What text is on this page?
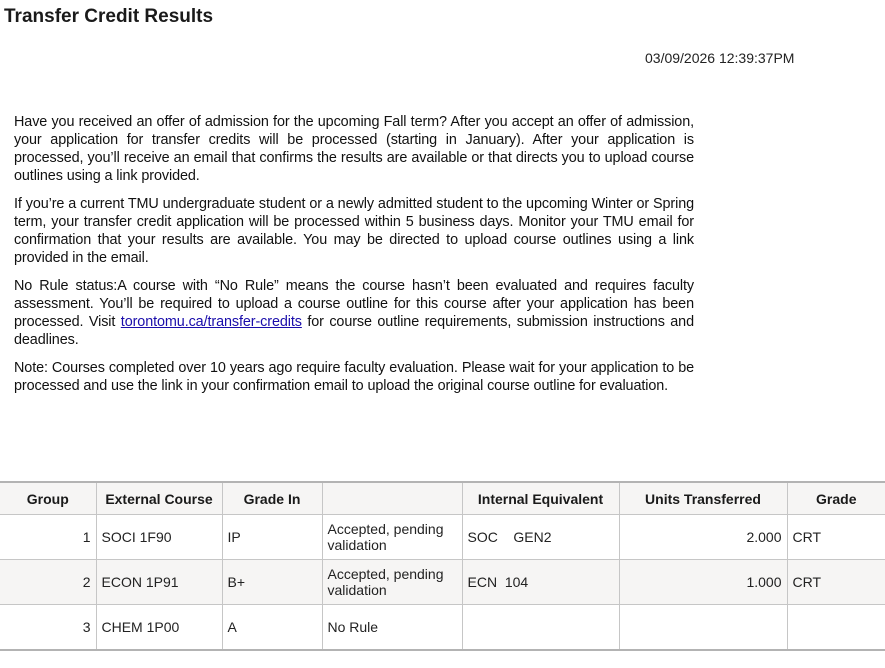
Transfer Credit Results
03/09/2026 12:39:37PM

Have you received an offer of admission for the upcoming Fall term? After you accept an offer of admission, your application for transfer credits will be processed (starting in January). After your application is processed, you’ll receive an email that confirms the results are available or that directs you to upload course outlines using a link provided.

If you’re a current TMU undergraduate student or a newly admitted student to the upcoming Winter or Spring term, your transfer credit application will be processed within 5 business days. Monitor your TMU email for confirmation that your results are available. You may be directed to upload course outlines using a link provided in the email.

No Rule status:A course with “No Rule” means the course hasn’t been evaluated and requires faculty assessment. You’ll be required to upload a course outline for this course after your application has been processed. Visit torontomu.ca/transfer-credits for course outline requirements, submission instructions and deadlines.

Note: Courses completed over 10 years ago require faculty evaluation. Please wait for your application to be processed and use the link in your confirmation email to upload the original course outline for evaluation.

Group	External Course	Grade In		Internal Equivalent	Units Transferred	Grade
1	SOCI 1F90	IP	Accepted, pending validation	SOC    GEN2	2.000	CRT
2	ECON 1P91	B+	Accepted, pending validation	ECN  104	1.000	CRT
3	CHEM 1P00	A	No Rule			
